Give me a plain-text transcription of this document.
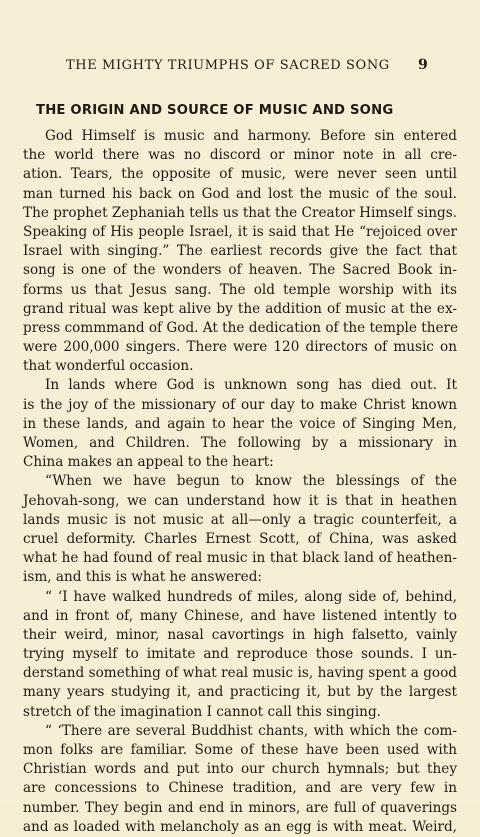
THE MIGHTY TRIUMPHS OF SACRED SONG 9
THE ORIGIN AND SOURCE OF MUSIC AND SONG
God Himself is music and harmony. Before sin entered
the world there was no discord or minor note in all cre-
ation. Tears, the opposite of music, were never seen until
man turned his back on God and lost the music of the soul.
The prophet Zephaniah tells us that the Creator Himself sings.
Speaking of His people Israel, it is said that He “rejoiced over
Israel with singing.” The earliest records give the fact that
song is one of the wonders of heaven. The Sacred Book in-
forms us that Jesus sang. The old temple worship with its
grand ritual was kept alive by the addition of music at the ex-
press commmand of God. At the dedication of the temple there
were 200,000 singers. There were 120 directors of music on
that wonderful occasion.
In lands where God is unknown song has died out. It
is the joy of the missionary of our day to make Christ known
in these lands, and again to hear the voice of Singing Men,
Women, and Children. The following by a missionary in
China makes an appeal to the heart:
“When we have begun to know the blessings of the
Jehovah-song, we can understand how it is that in heathen
lands music is not music at all—only a tragic counterfeit, a
cruel deformity. Charles Ernest Scott, of China, was asked
what he had found of real music in that black land of heathen-
ism, and this is what he answered:
“ ‘I have walked hundreds of miles, along side of, behind,
and in front of, many Chinese, and have listened intently to
their weird, minor, nasal cavortings in high falsetto, vainly
trying myself to imitate and reproduce those sounds. I un-
derstand something of what real music is, having spent a good
many years studying it, and practicing it, but by the largest
stretch of the imagination I cannot call this singing.
“ ‘There are several Buddhist chants, with which the com-
mon folks are familiar. Some of these have been used with
Christian words and put into our church hymnals; but they
are concessions to Chinese tradition, and are very few in
number. They begin and end in minors, are full of quaverings
and as loaded with melancholy as an egg is with meat. Weird,
